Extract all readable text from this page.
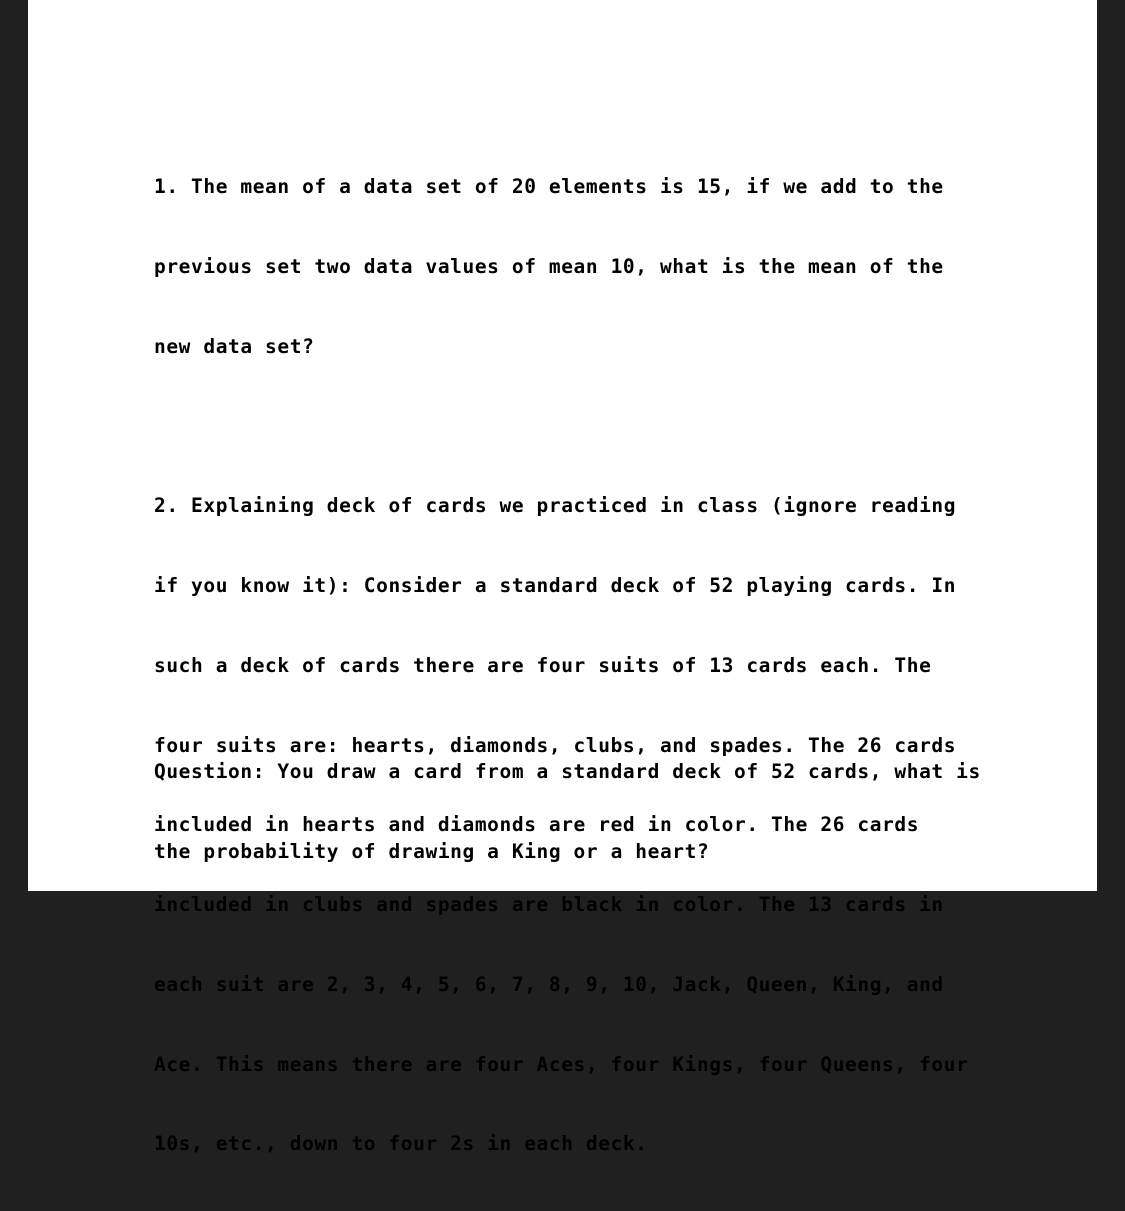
1. The mean of a data set of 20 elements is 15, if we add to the

previous set two data values of mean 10, what is the mean of the

new data set?

2. Explaining deck of cards we practiced in class (ignore reading

if you know it): Consider a standard deck of 52 playing cards. In

such a deck of cards there are four suits of 13 cards each. The

four suits are: hearts, diamonds, clubs, and spades. The 26 cards

included in hearts and diamonds are red in color. The 26 cards

included in clubs and spades are black in color. The 13 cards in

each suit are 2, 3, 4, 5, 6, 7, 8, 9, 10, Jack, Queen, King, and

Ace. This means there are four Aces, four Kings, four Queens, four

10s, etc., down to four 2s in each deck.

Question: You draw a card from a standard deck of 52 cards, what is

the probability of drawing a King or a heart?
